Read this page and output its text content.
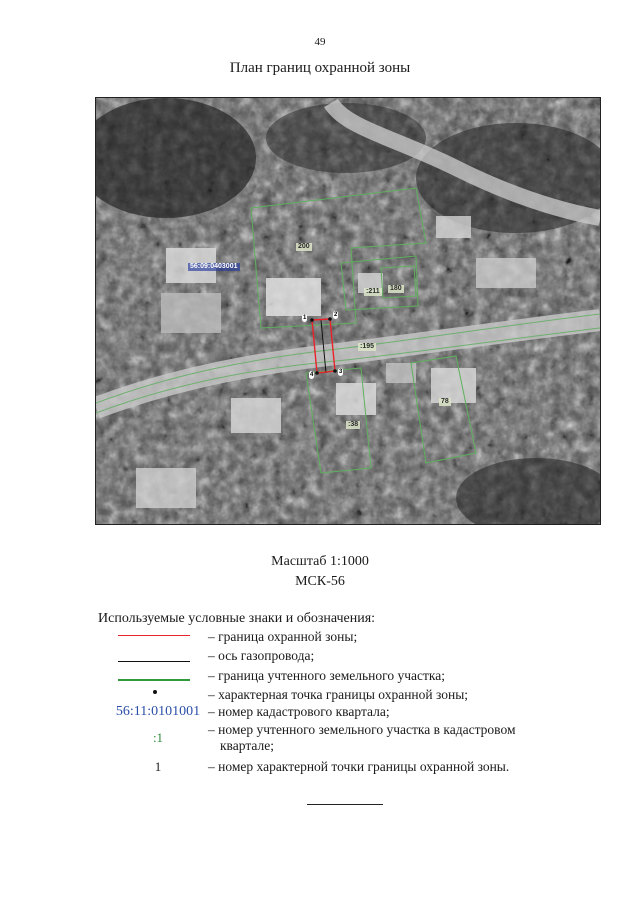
49
План границ охранной зоны
56:09:0403001
200
:211 180
:195
78
:38
1	2
3
4
Масштаб 1:1000
МСК-56
Используемые условные знаки и обозначения:
– граница охранной зоны;
– ось газопровода;
– граница учтенного земельного участка;
– характерная точка границы охранной зоны;
56:11:0101001 – номер кадастрового квартала;
:1
– номер учтенного земельного участка в кадастровом
квартале;
1	– номер характерной точки границы охранной зоны.
